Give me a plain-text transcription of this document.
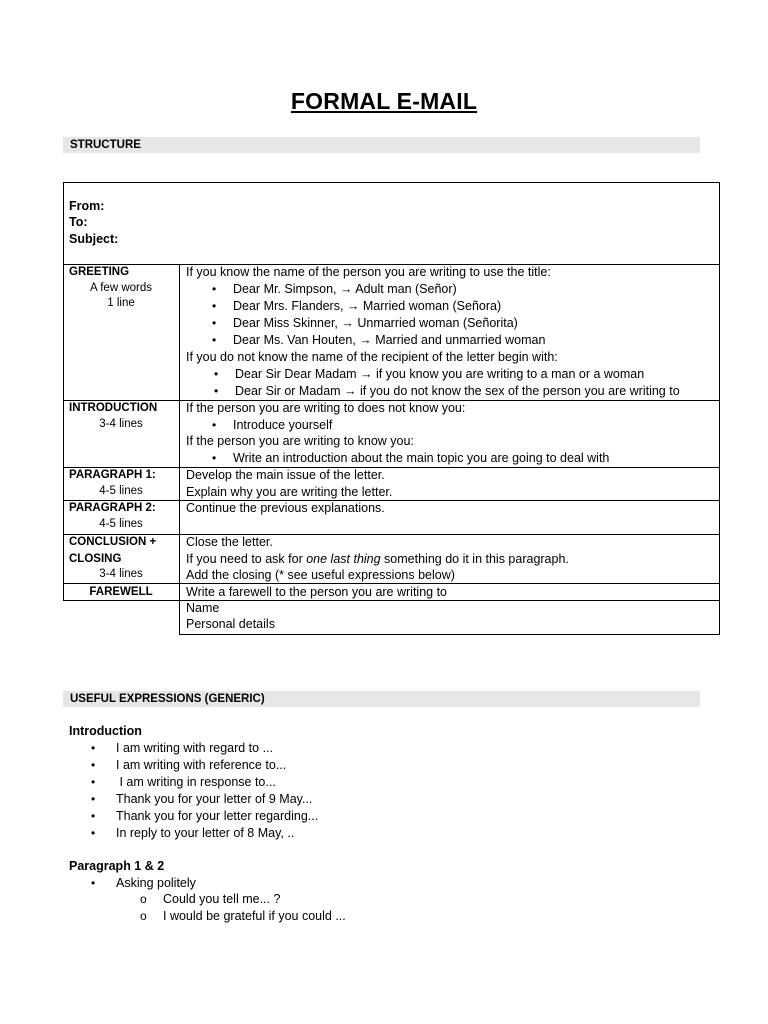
FORMAL E-MAIL
STRUCTURE
From:
To:
Subject:
GREETING
A few words
1 line
If you know the name of the person you are writing to use the title:
• Dear Mr. Simpson, → Adult man (Señor)
• Dear Mrs. Flanders, → Married woman (Señora)
• Dear Miss Skinner, → Unmarried woman (Señorita)
• Dear Ms. Van Houten, → Married and unmarried woman
If you do not know the name of the recipient of the letter begin with:
• Dear Sir Dear Madam → if you know you are writing to a man or a woman
• Dear Sir or Madam → if you do not know the sex of the person you are writing to
INTRODUCTION
3-4 lines
If the person you are writing to does not know you:
• Introduce yourself
If the person you are writing to know you:
• Write an introduction about the main topic you are going to deal with
PARAGRAPH 1:
4-5 lines
Develop the main issue of the letter.
Explain why you are writing the letter.
PARAGRAPH 2:
4-5 lines
Continue the previous explanations.
CONCLUSION +
CLOSING
3-4 lines
Close the letter.
If you need to ask for one last thing something do it in this paragraph.
Add the closing (* see useful expressions below)
FAREWELL	Write a farewell to the person you are writing to
Name
Personal details
USEFUL EXPRESSIONS (GENERIC)
Introduction
• I am writing with regard to ...
• I am writing with reference to...
• I am writing in response to...
• Thank you for your letter of 9 May...
• Thank you for your letter regarding...
• In reply to your letter of 8 May, ..
Paragraph 1 & 2
• Asking politely
o Could you tell me... ?
o I would be grateful if you could ...
